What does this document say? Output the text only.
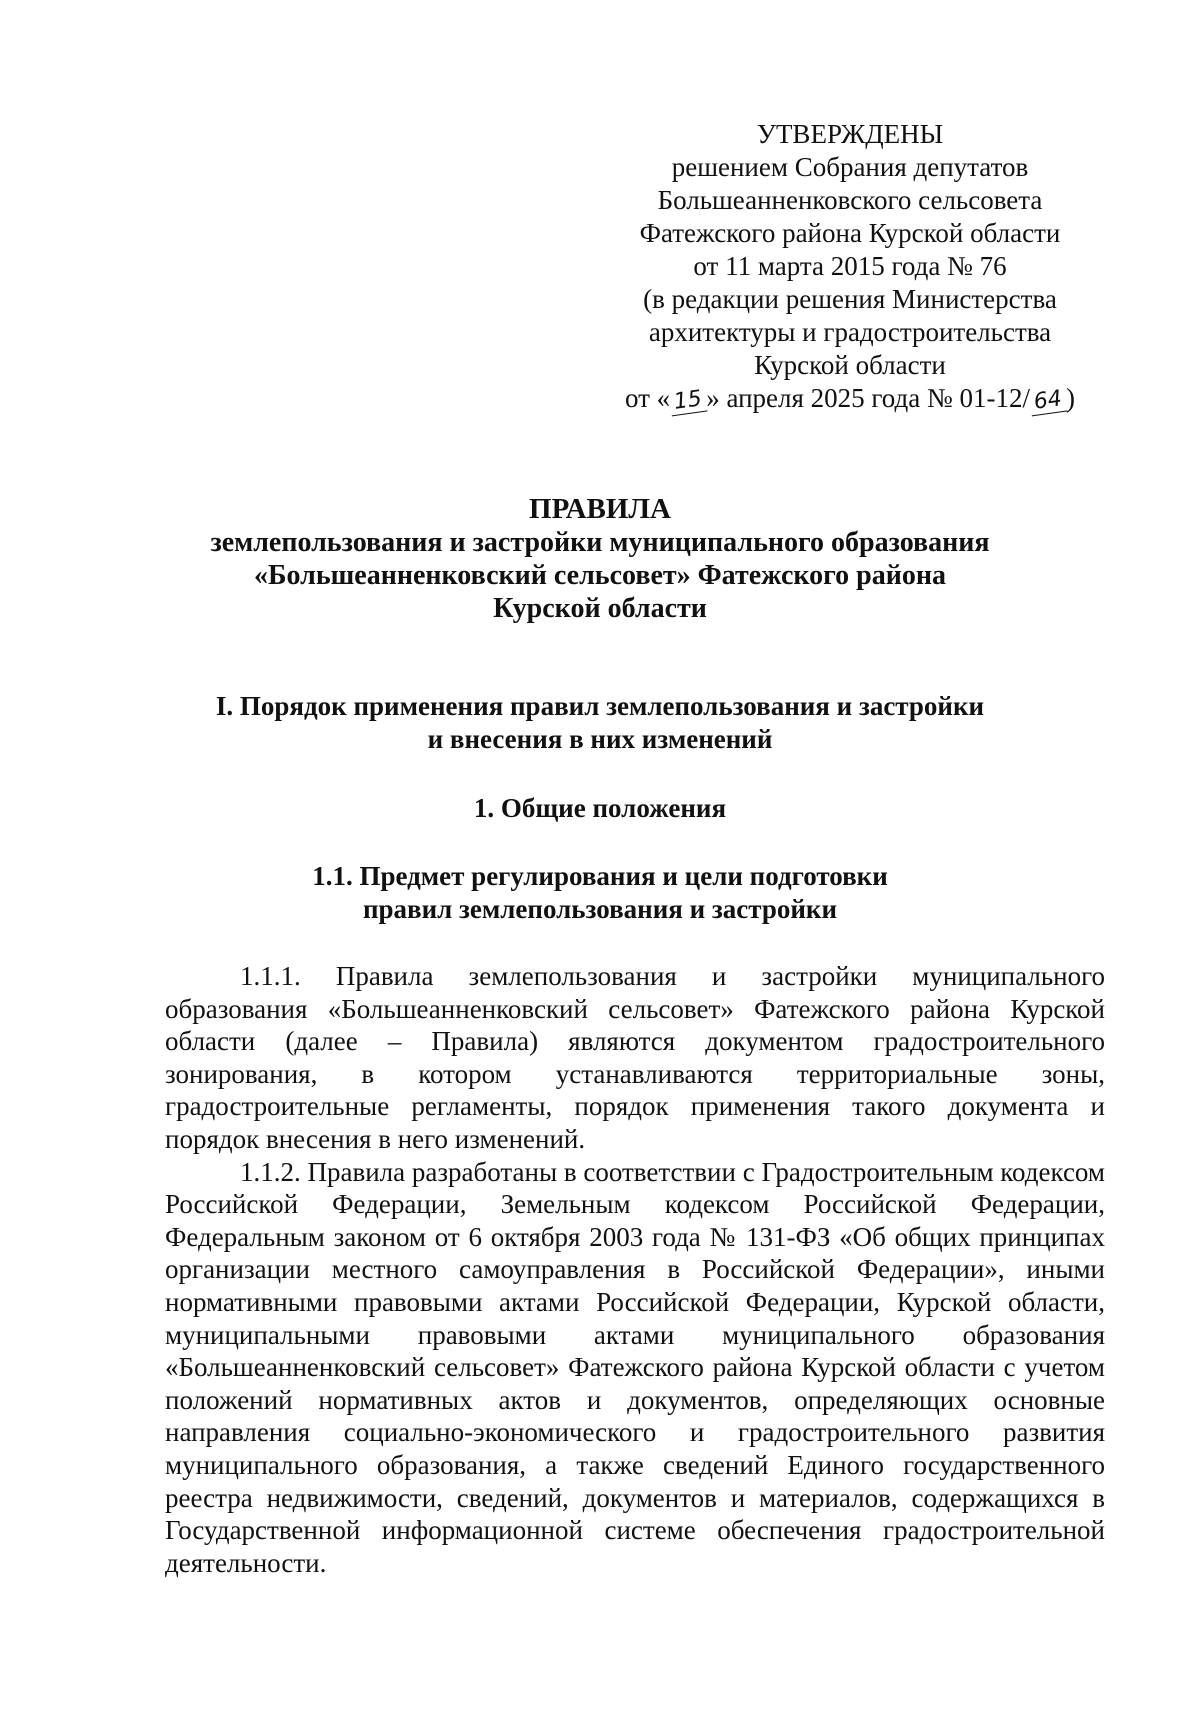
УТВЕРЖДЕНЫ
решением Собрания депутатов
Большеанненковского сельсовета
Фатежского района Курской области
от 11 марта 2015 года № 76
(в редакции решения Министерства
архитектуры и градостроительства
Курской области
от « 15» апреля 2025 года № 01-12/ 64)
ПРАВИЛА
землепользования и застройки муниципального образования
«Большеанненковский сельсовет» Фатежского района
Курской области
I. Порядок применения правил землепользования и застройки
и внесения в них изменений
1. Общие положения
1.1. Предмет регулирования и цели подготовки
правил землепользования и застройки

1.1.1. Правила землепользования и застройки муниципального образования «Большеанненковский сельсовет» Фатежского района Курской области (далее – Правила) являются документом градостроительного зонирования, в котором устанавливаются территориальные зоны, градостроительные регламенты, порядок применения такого документа и порядок внесения в него изменений.

1.1.2. Правила разработаны в соответствии с Градостроительным кодексом Российской Федерации, Земельным кодексом Российской Федерации, Федеральным законом от 6 октября 2003 года № 131-ФЗ «Об общих принципах организации местного самоуправления в Российской Федерации», иными нормативными правовыми актами Российской Федерации, Курской области, муниципальными правовыми актами муниципального образования «Большеанненковский сельсовет» Фатежского района Курской области с учетом положений нормативных актов и документов, определяющих основные направления социально-экономического и градостроительного развития муниципального образования, а также сведений Единого государственного реестра недвижимости, сведений, документов и материалов, содержащихся в Государственной информационной системе обеспечения градостроительной деятельности.
